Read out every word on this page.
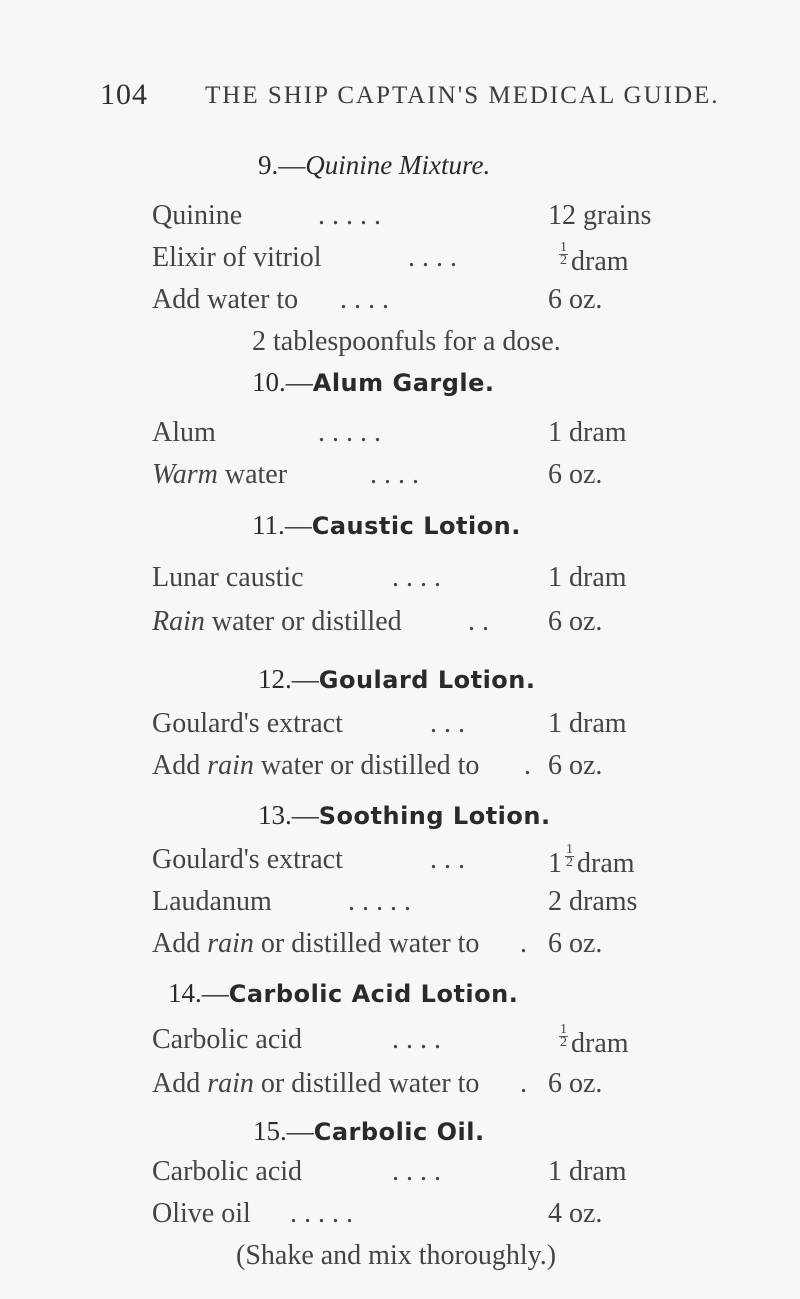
104 THE SHIP CAPTAIN'S MEDICAL GUIDE.
9.—Quinine Mixture.
Quinine	. . . . .	12 grains
Elixir of vitriol	. . . .	$\frac{1}{2}$ dram
Add water to . . . .	6 oz.
2 tablespoonfuls for a dose.
10.—Alum Gargle.
Alum	. . . . .	1 dram
Warm water	. . . .	6 oz.
11.—Caustic Lotion.
Lunar caustic	. . . .	1 dram
Rain water or distilled . . 6 oz.
12.—Goulard Lotion.
Goulard's extract	. . .	1 dram
Add rain water or distilled to . 6 oz.
13.—Soothing Lotion.
Goulard's extract	. . .	$1 \frac{1}{2}$ dram
Laudanum	. . . . .	2 drams
Add rain or distilled water to . 6 oz.
14.—Carbolic Acid Lotion.
Carbolic acid	. . . .	$\frac{1}{2}$ dram
Add rain or distilled water to . 6 oz.
15.—Carbolic Oil.
Carbolic acid	. . . .	1 dram
Olive oil . . . . .	4 oz.
(Shake and mix thoroughly.)
